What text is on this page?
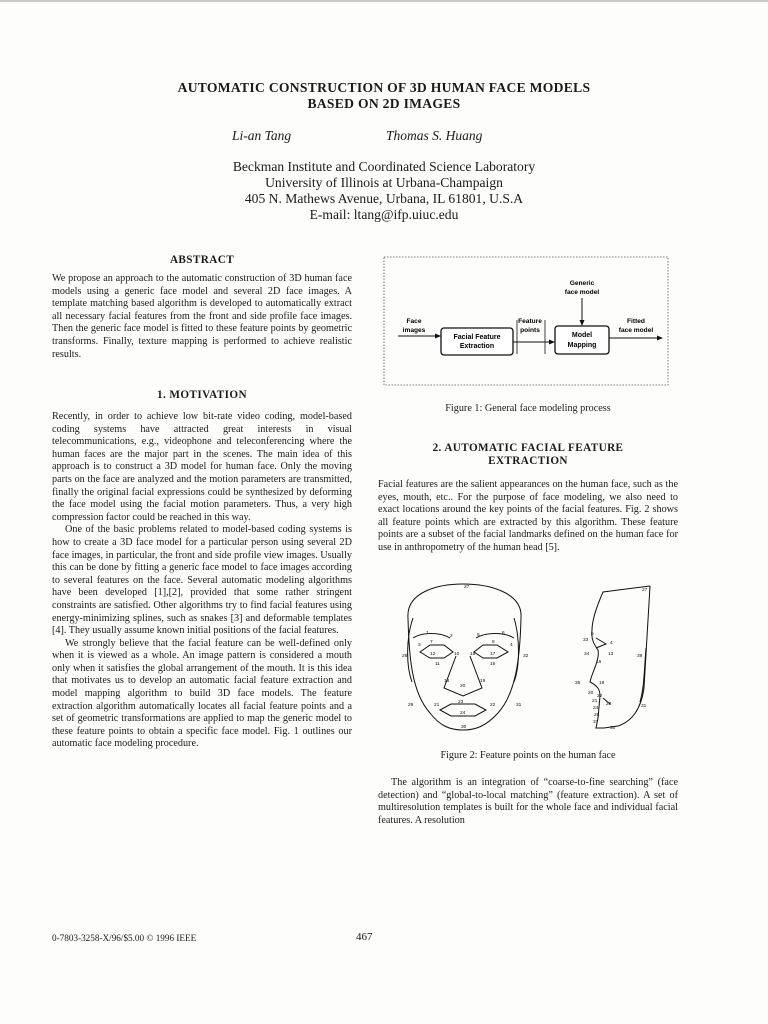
AUTOMATIC CONSTRUCTION OF 3D HUMAN FACE MODELS
BASED ON 2D IMAGES
Li-an Tang	Thomas S. Huang
Beckman Institute and Coordinated Science Laboratory
University of Illinois at Urbana-Champaign
405 N. Mathews Avenue, Urbana, IL 61801, U.S.A
E-mail: ltang@ifp.uiuc.edu
ABSTRACT

We propose an approach to the automatic construction of 3D human face models using a generic face model and several 2D face images. A template matching based algorithm is developed to automatically extract all necessary facial features from the front and side profile face images. Then the generic face model is fitted to these feature points by geometric transforms. Finally, texture mapping is performed to achieve realistic results.

1. MOTIVATION

Recently, in order to achieve low bit-rate video coding, model-based coding systems have attracted great interests in visual telecommunications, e.g., videophone and teleconferencing where the human faces are the major part in the scenes. The main idea of this approach is to construct a 3D model for human face. Only the moving parts on the face are analyzed and the motion parameters are transmitted, finally the original facial expressions could be synthesized by deforming the face model using the facial motion parameters. Thus, a very high compression factor could be reached in this way.

One of the basic problems related to model-based coding systems is how to create a 3D face model for a particular person using several 2D face images, in particular, the front and side profile view images. Usually this can be done by fitting a generic face model to face images according to several features on the face. Several automatic modeling algorithms have been developed [1],[2], provided that some rather stringent constraints are satisfied. Other algorithms try to find facial features using energy-minimizing splines, such as snakes [3] and deformable templates [4]. They usually assume known initial positions of the facial features.

We strongly believe that the facial feature can be well-defined only when it is viewed as a whole. An image pattern is considered a mouth only when it satisfies the global arrangement of the mouth. It is this idea that motivates us to develop an automatic facial feature extraction and model mapping algorithm to build 3D face models. The feature extraction algorithm automatically locates all facial feature points and a set of geometric transformations are applied to map the generic model to these feature points to obtain a specific face model. Fig. 1 outlines our automatic face modeling procedure.

Facial Feature
Extraction
Model
Mapping
Face
images
Feature
points
Generic
face model
Fitted
face model
Figure 1: General face modeling process
2. AUTOMATIC FACIAL FEATURE
EXTRACTION

Facial features are the salient appearances on the human face, such as the eyes, mouth, etc.. For the purpose of face modeling, we also need to exact locations around the key points of the facial features. Fig. 2 shows all feature points which are extracted by this algorithm. These feature points are a subset of the facial landmarks defined on the human face for use in anthropometry of the human head [5].

27
1
2	5	6
3	4
7	8
12	17
10 15
11	16
28	32
18	19
20
21	22
23
24
29	31
30
27
5
33
4
34	13
16
35	19
20
22
21
23
24
26
37
30
39
31
Figure 2: Feature points on the human face

The algorithm is an integration of “coarse-to-fine searching” (face detection) and “global-to-local matching” (feature extraction). A set of multiresolution templates is built for the whole face and individual facial features. A resolution

0-7803-3258-X/96/$5.00 © 1996 IEEE	467
